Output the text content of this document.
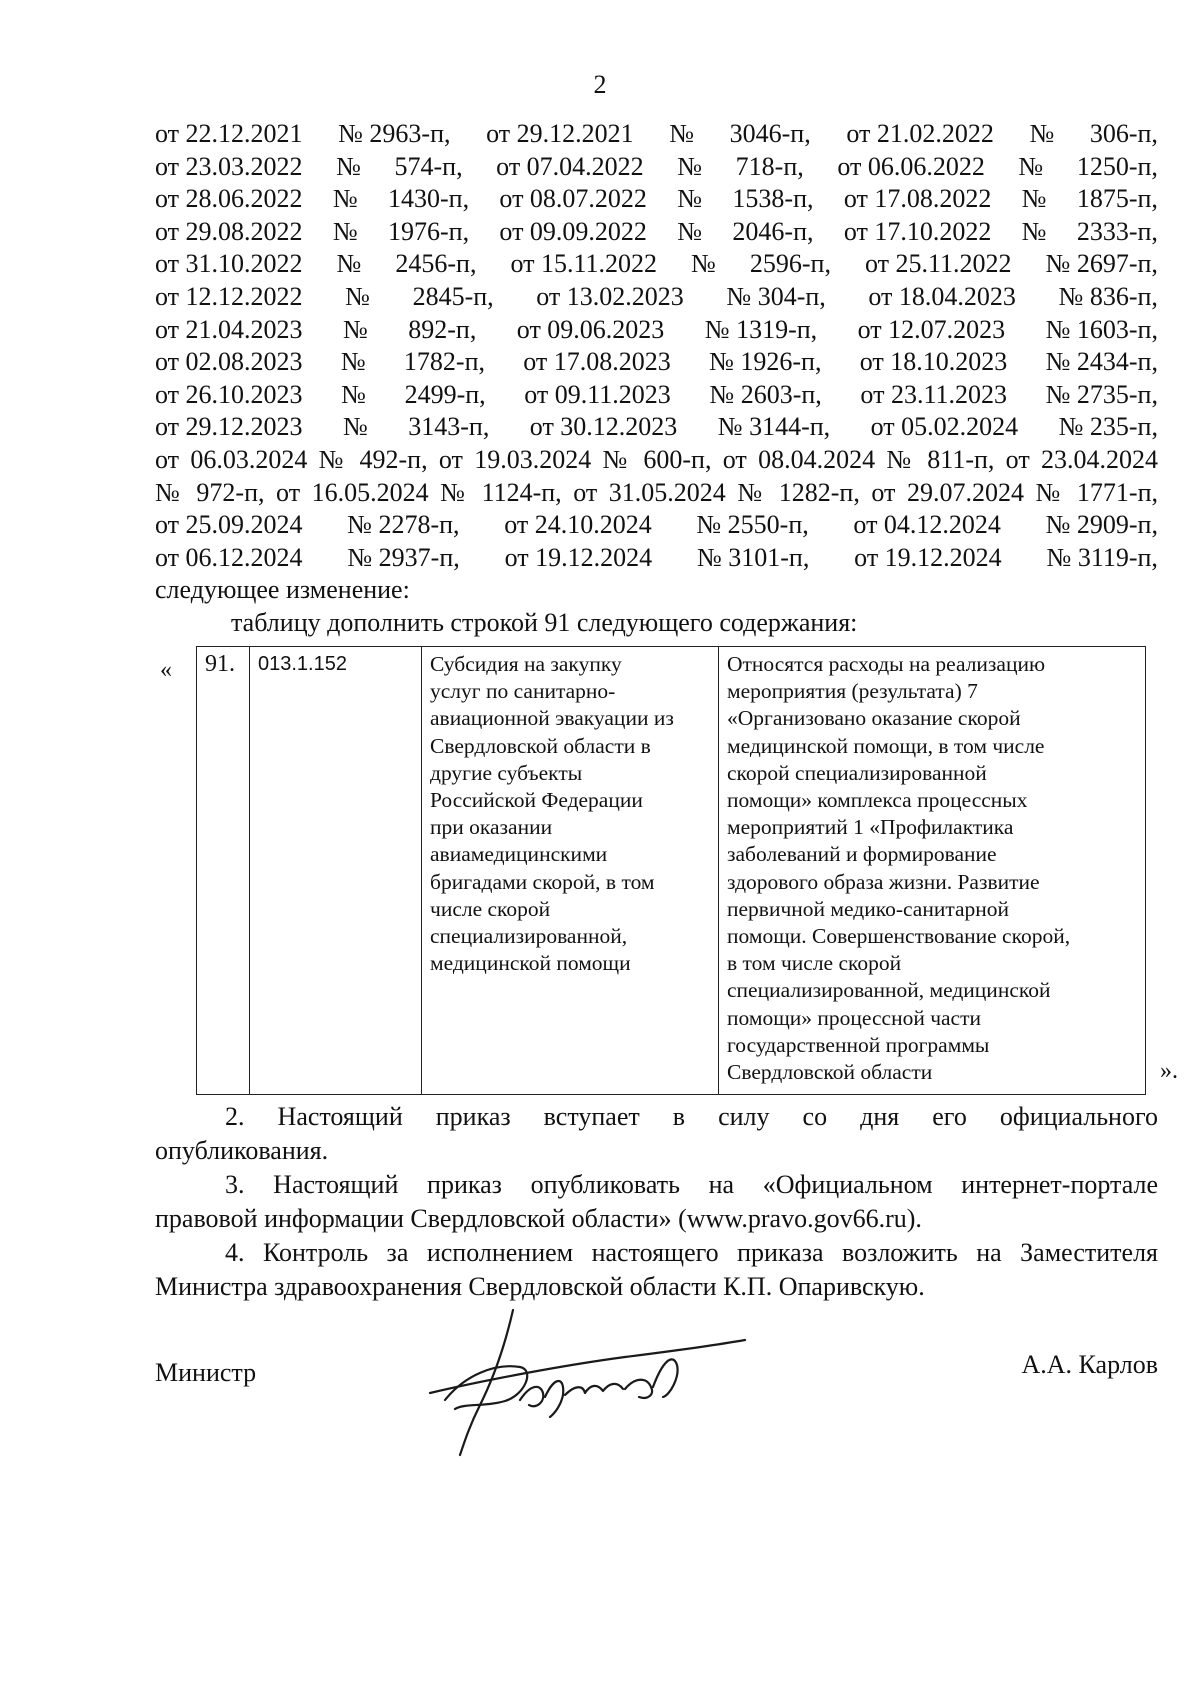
2
от 22.12.2021 № 2963-п, от 29.12.2021 № 3046-п, от 21.02.2022 № 306-п,
от 23.03.2022 № 574-п, от 07.04.2022 № 718-п, от 06.06.2022 № 1250-п,
от 28.06.2022 № 1430-п, от 08.07.2022 № 1538-п, от 17.08.2022 № 1875-п,
от 29.08.2022 № 1976-п, от 09.09.2022 № 2046-п, от 17.10.2022 № 2333-п,
от 31.10.2022 № 2456-п, от 15.11.2022 № 2596-п, от 25.11.2022 № 2697-п,
от 12.12.2022 № 2845-п, от 13.02.2023 № 304-п, от 18.04.2023 № 836-п,
от 21.04.2023 № 892-п, от 09.06.2023 № 1319-п, от 12.07.2023 № 1603-п,
от 02.08.2023 № 1782-п, от 17.08.2023 № 1926-п, от 18.10.2023 № 2434-п,
от 26.10.2023 № 2499-п, от 09.11.2023 № 2603-п, от 23.11.2023 № 2735-п,
от 29.12.2023 № 3143-п, от 30.12.2023 № 3144-п, от 05.02.2024 № 235-п,
от 06.03.2024 № 492-п, от 19.03.2024 № 600-п, от 08.04.2024 № 811-п, от 23.04.2024
№ 972-п, от 16.05.2024 № 1124-п, от 31.05.2024 № 1282-п, от 29.07.2024 № 1771-п,
от 25.09.2024 № 2278-п, от 24.10.2024 № 2550-п, от 04.12.2024 № 2909-п,
от 06.12.2024 № 2937-п, от 19.12.2024 № 3101-п, от 19.12.2024 № 3119-п,
следующее изменение:
таблицу дополнить строкой 91 следующего содержания:
« 91.	013.1.152	Субсидия на закупку
услуг по санитарно-
авиационной эвакуации из
Свердловской области в
другие субъекты
Российской Федерации
при оказании
авиамедицинскими
бригадами скорой, в том
числе скорой
специализированной,
медицинской помощи

Относятся расходы на реализацию
мероприятия (результата) 7
«Организовано оказание скорой
медицинской помощи, в том числе
скорой специализированной
помощи» комплекса процессных
мероприятий 1 «Профилактика
заболеваний и формирование
здорового образа жизни. Развитие
первичной медико-санитарной
помощи. Совершенствование скорой,
в том числе скорой
специализированной, медицинской
помощи» процессной части
государственной программы
Свердловской области	».
2. Настоящий приказ вступает в силу со дня его официального
опубликования.
3. Настоящий приказ опубликовать на «Официальном интернет-портале
правовой информации Свердловской области» (www.pravo.gov66.ru).
4. Контроль за исполнением настоящего приказа возложить на Заместителя
Министра здравоохранения Свердловской области К.П. Опаривскую.
Министр	А.А. Карлов
